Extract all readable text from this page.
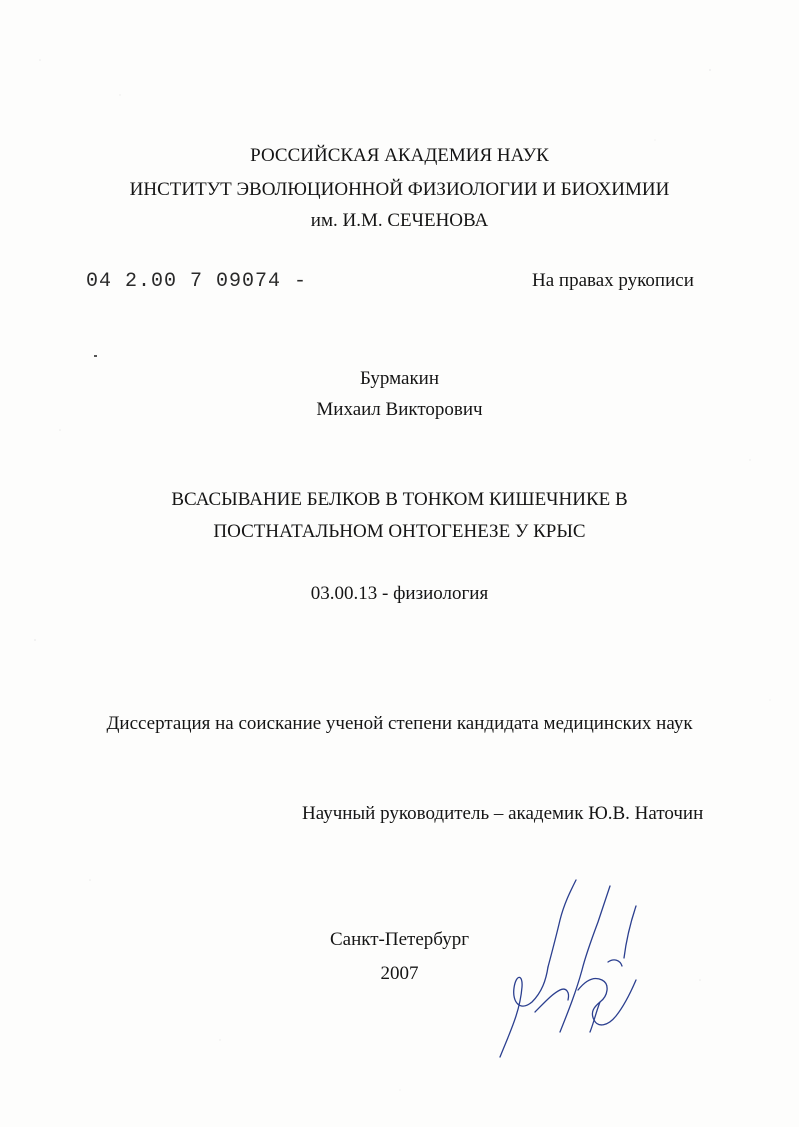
РОССИЙСКАЯ АКАДЕМИЯ НАУК
ИНСТИТУТ ЭВОЛЮЦИОННОЙ ФИЗИОЛОГИИ И БИОХИМИИ
им. И.М. СЕЧЕНОВА
04 2.00 7 09074 -	На правах рукописи
Бурмакин
Михаил Викторович
ВСАСЫВАНИЕ БЕЛКОВ В ТОНКОМ КИШЕЧНИКЕ В
ПОСТНАТАЛЬНОМ ОНТОГЕНЕЗЕ У КРЫС
03.00.13 - физиология
Диссертация на соискание ученой степени кандидата медицинских наук
Научный руководитель – академик Ю.В. Наточин
Санкт-Петербург
2007
